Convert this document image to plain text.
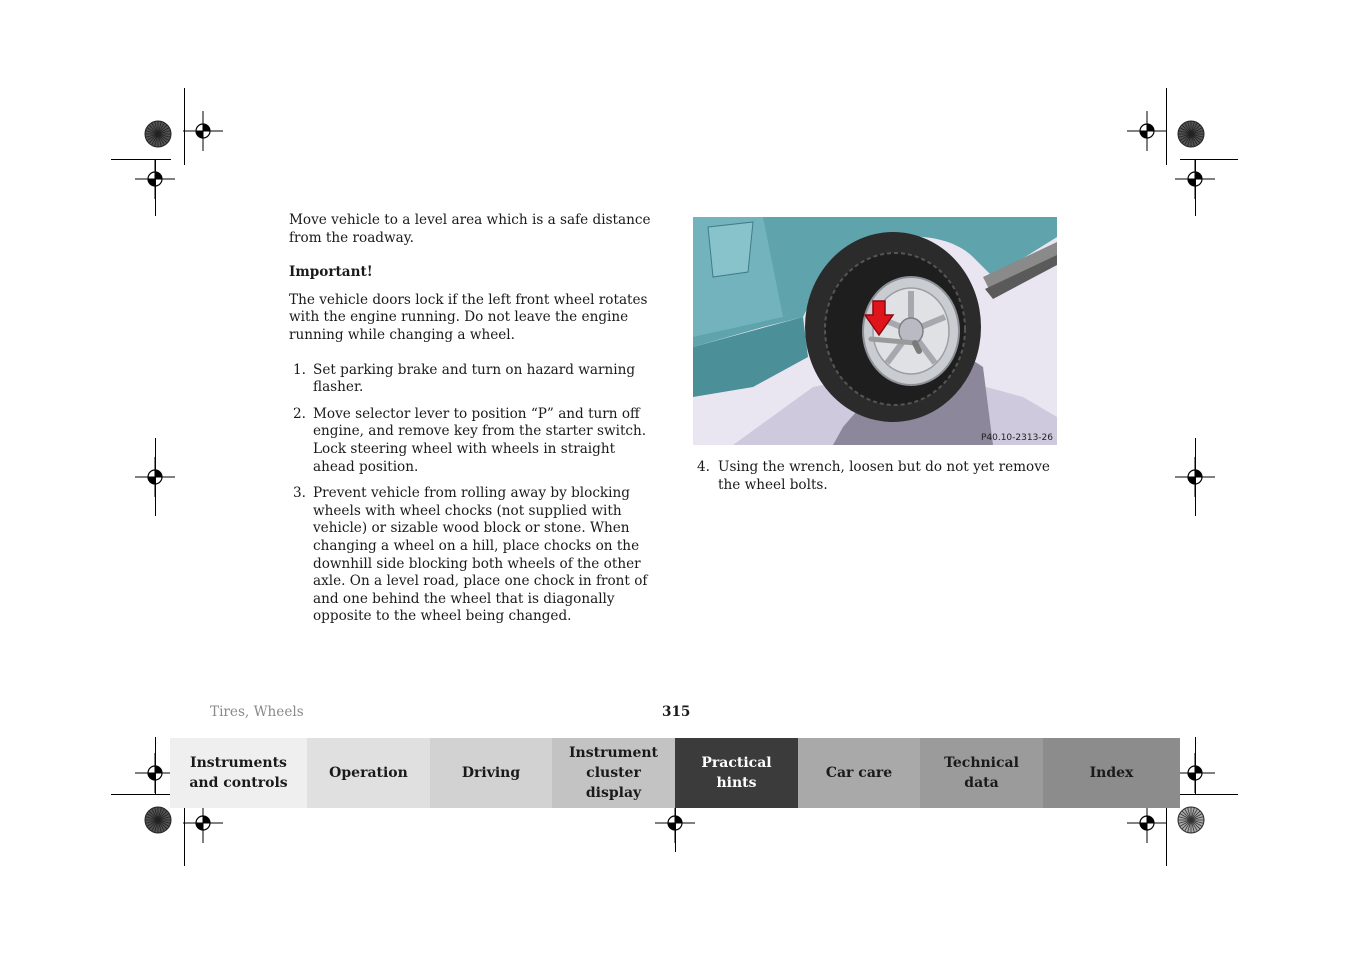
Move vehicle to a level area which is a safe distance from the roadway.

Important!

The vehicle doors lock if the left front wheel rotates with the engine running. Do not leave the engine running while changing a wheel.

1. Set parking brake and turn on hazard warning flasher.
2. Move selector lever to position “P” and turn off engine, and remove key from the starter switch. Lock steering wheel with wheels in straight ahead position.
3. Prevent vehicle from rolling away by blocking wheels with wheel chocks (not supplied with vehicle) or sizable wood block or stone. When changing a wheel on a hill, place chocks on the downhill side blocking both wheels of the other axle. On a level road, place one chock in front of and one behind the wheel that is diagonally opposite to the wheel being changed.
P40.10-2313-26
4. Using the wrench, loosen but do not yet remove the wheel bolts.
Tires, Wheels	315
Instruments
and controls
Operation	Driving
Instrument
cluster display
Practical hints
Car care
Technical
data
Index
